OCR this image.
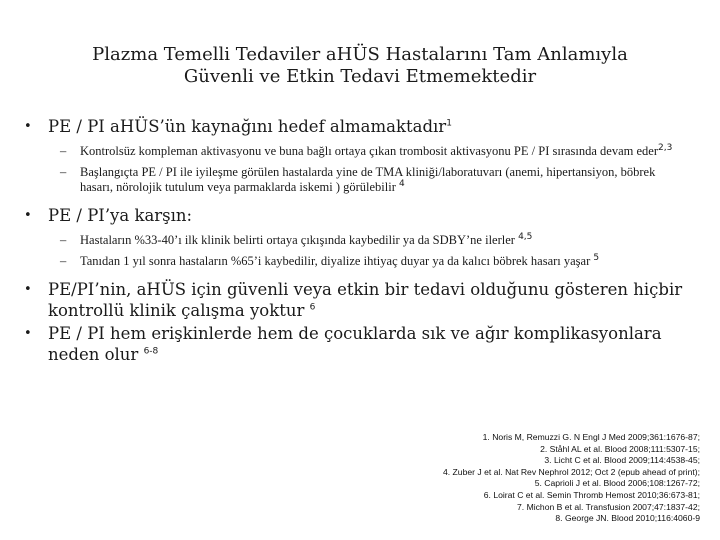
Plazma Temelli Tedaviler aHÜS Hastalarını Tam Anlamıyla
Güvenli ve Etkin Tedavi Etmemektedir
• PE / PI aHÜS’ün kaynağını hedef almamaktadır$^1$
– Kontrolsüz kompleman aktivasyonu ve buna bağlı ortaya çıkan trombosit aktivasyonu PE / PI sırasında devam eder$^{2,3}$
– Başlangıçta PE / PI ile iyileşme görülen hastalarda yine de TMA kliniği/laboratuvarı (anemi, hipertansiyon, böbrek hasarı, nörolojik tutulum veya parmaklarda iskemi ) görülebilir $^4$
• PE / PI’ya karşın:
– Hastaların %33-40’ı ilk klinik belirti ortaya çıkışında kaybedilir ya da SDBY’ne ilerler $^{4,5}$
– Tanıdan 1 yıl sonra hastaların %65’i kaybedilir, diyalize ihtiyaç duyar ya da kalıcı böbrek hasarı yaşar $^5$
• PE/PI’nin, aHÜS için güvenli veya etkin bir tedavi olduğunu gösteren hiçbir kontrollü klinik çalışma yoktur $^6$
• PE / PI hem erişkinlerde hem de çocuklarda sık ve ağır komplikasyonlara neden olur $^{6-8}$
1. Noris M, Remuzzi G. N Engl J Med 2009;361:1676-87;
2. Ståhl AL et al. Blood 2008;111:5307-15;
3. Licht C et al. Blood 2009;114:4538-45;
4. Zuber J et al. Nat Rev Nephrol 2012; Oct 2 (epub ahead of print);
5. Caprioli J et al. Blood 2006;108:1267-72;
6. Loirat C et al. Semin Thromb Hemost 2010;36:673-81;
7. Michon B et al. Transfusion 2007;47:1837-42;
8. George JN. Blood 2010;116:4060-9
